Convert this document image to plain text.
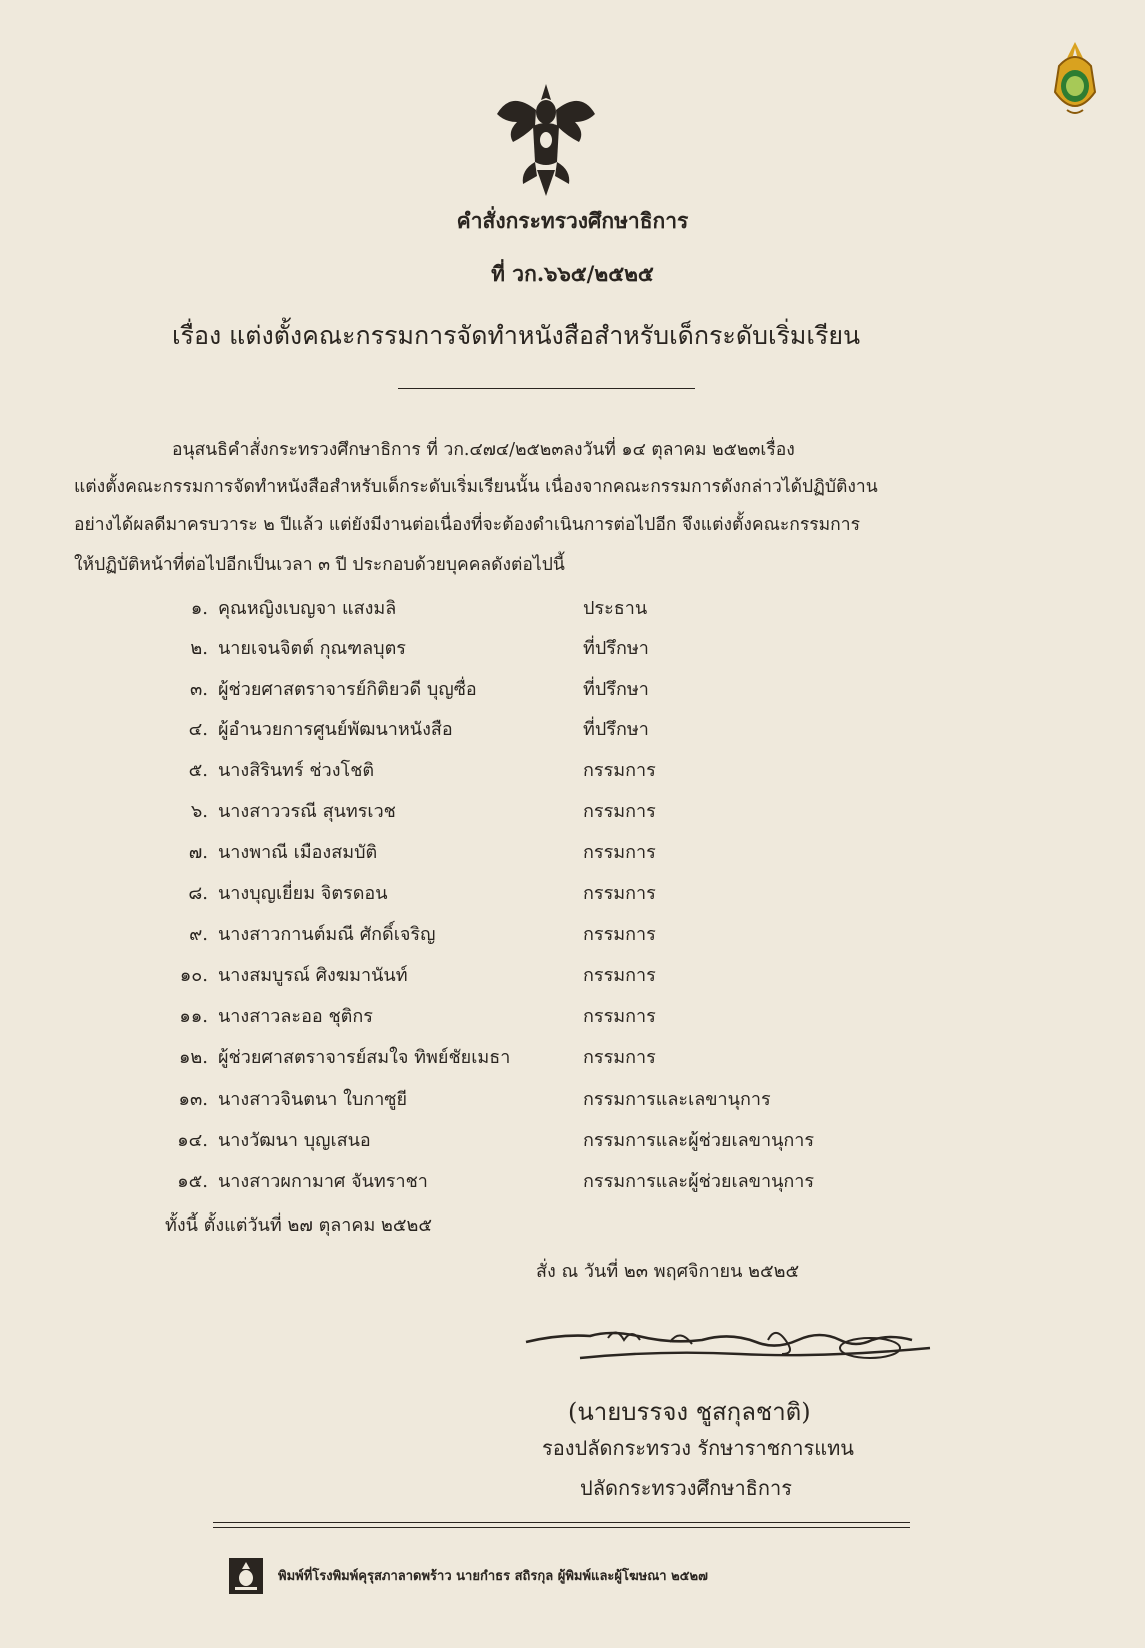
คำสั่งกระทรวงศึกษาธิการ
ที่ วก.๖๖๕/๒๕๒๕
เรื่อง แต่งตั้งคณะกรรมการจัดทำหนังสือสำหรับเด็กระดับเริ่มเรียน
อนุสนธิคำสั่งกระทรวงศึกษาธิการ ที่ วก.๔๗๔/๒๕๒๓ลงวันที่ ๑๔ ตุลาคม ๒๕๒๓เรื่อง
แต่งตั้งคณะกรรมการจัดทำหนังสือสำหรับเด็กระดับเริ่มเรียนนั้น เนื่องจากคณะกรรมการดังกล่าวได้ปฏิบัติงาน
อย่างได้ผลดีมาครบวาระ ๒ ปีแล้ว แต่ยังมีงานต่อเนื่องที่จะต้องดำเนินการต่อไปอีก จึงแต่งตั้งคณะกรรมการ
ให้ปฏิบัติหน้าที่ต่อไปอีกเป็นเวลา ๓ ปี ประกอบด้วยบุคคลดังต่อไปนี้
๑. คุณหญิงเบญจา แสงมลิ	ประธาน
๒. นายเจนจิตต์ กุณฑลบุตร	ที่ปรึกษา
๓. ผู้ช่วยศาสตราจารย์กิติยวดี บุญซื่อ	ที่ปรึกษา
๔. ผู้อำนวยการศูนย์พัฒนาหนังสือ	ที่ปรึกษา
๕. นางสิรินทร์ ช่วงโชติ	กรรมการ
๖. นางสาววรณี สุนทรเวช	กรรมการ
๗. นางพาณี เมืองสมบัติ	กรรมการ
๘. นางบุญเยี่ยม จิตรดอน	กรรมการ
๙. นางสาวกานต์มณี ศักดิ์เจริญ	กรรมการ
๑๐. นางสมบูรณ์ ศิงฆมานันท์	กรรมการ
๑๑. นางสาวละออ ชุติกร	กรรมการ
๑๒. ผู้ช่วยศาสตราจารย์สมใจ ทิพย์ชัยเมธา	กรรมการ
๑๓. นางสาวจินตนา ใบกาซูยี	กรรมการและเลขานุการ
๑๔. นางวัฒนา บุญเสนอ	กรรมการและผู้ช่วยเลขานุการ
๑๕. นางสาวผกามาศ จันทราชา	กรรมการและผู้ช่วยเลขานุการ
ทั้งนี้ ตั้งแต่วันที่ ๒๗ ตุลาคม ๒๕๒๕
สั่ง ณ วันที่ ๒๓ พฤศจิกายน ๒๕๒๕
(นายบรรจง ชูสกุลชาติ)
รองปลัดกระทรวง รักษาราชการแทน
ปลัดกระทรวงศึกษาธิการ
พิมพ์ที่โรงพิมพ์คุรุสภาลาดพร้าว นายกำธร สถิรกุล ผู้พิมพ์และผู้โฆษณา ๒๕๒๗
